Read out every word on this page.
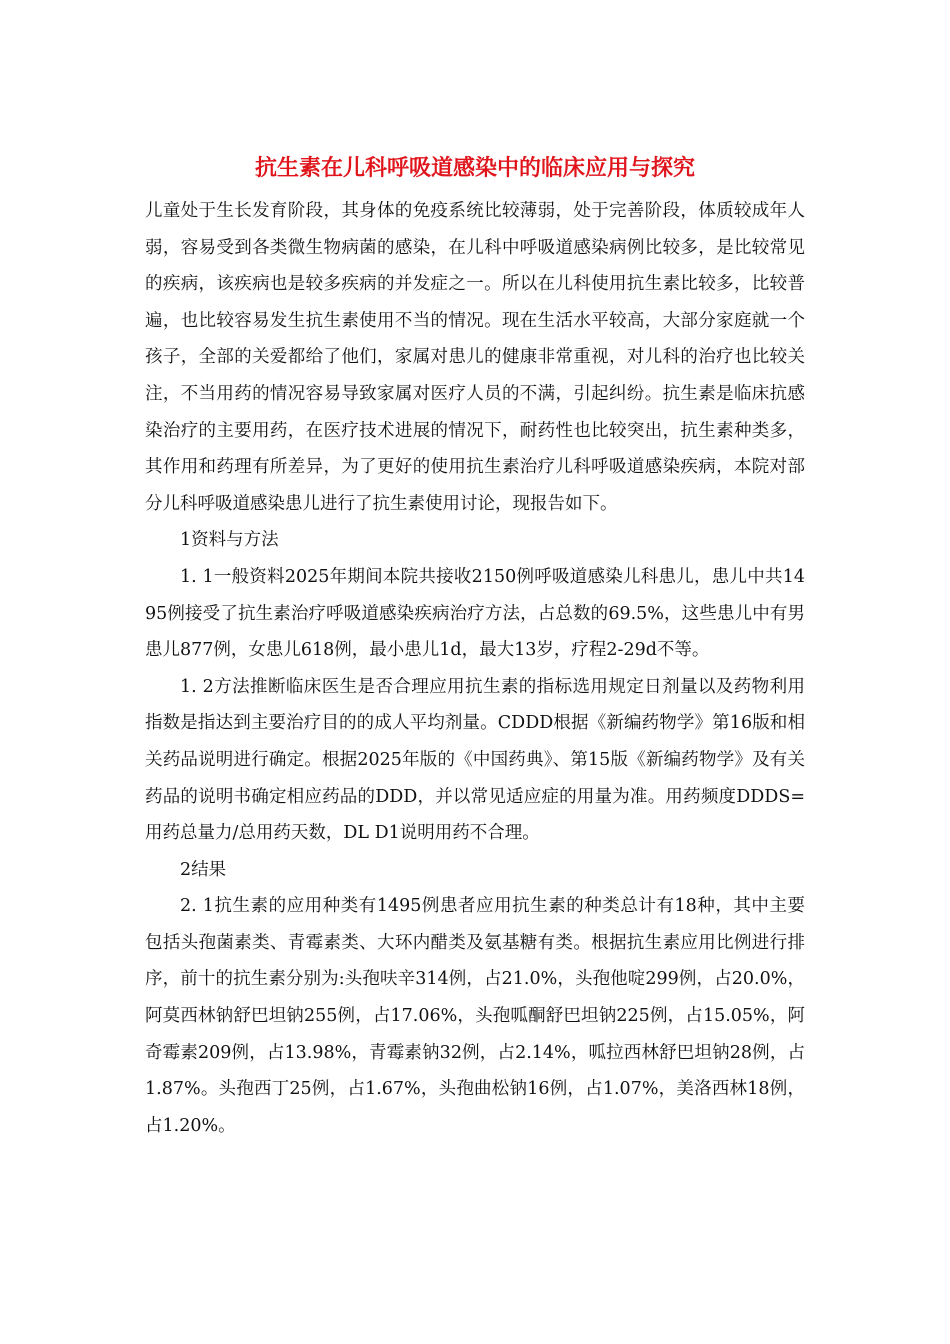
抗生素在儿科呼吸道感染中的临床应用与探究

儿童处于生长发育阶段，其身体的免疫系统比较薄弱，处于完善阶段，体质较成年人弱，容易受到各类微生物病菌的感染，在儿科中呼吸道感染病例比较多，是比较常见的疾病，该疾病也是较多疾病的并发症之一。所以在儿科使用抗生素比较多，比较普遍，也比较容易发生抗生素使用不当的情况。现在生活水平较高，大部分家庭就一个孩子，全部的关爱都给了他们，家属对患儿的健康非常重视，对儿科的治疗也比较关注，不当用药的情况容易导致家属对医疗人员的不满，引起纠纷。抗生素是临床抗感染治疗的主要用药，在医疗技术进展的情况下，耐药性也比较突出，抗生素种类多，其作用和药理有所差异，为了更好的使用抗生素治疗儿科呼吸道感染疾病，本院对部分儿科呼吸道感染患儿进行了抗生素使用讨论，现报告如下。

1资料与方法

1. 1一般资料2025年期间本院共接收2150例呼吸道感染儿科患儿，患儿中共1495例接受了抗生素治疗呼吸道感染疾病治疗方法，占总数的69.5%，这些患儿中有男患儿877例，女患儿618例，最小患儿1d，最大13岁，疗程2-29d不等。

1. 2方法推断临床医生是否合理应用抗生素的指标选用规定日剂量以及药物利用指数是指达到主要治疗目的的成人平均剂量。CDDD根据《新编药物学》第16版和相关药品说明进行确定。根据2025年版的《中国药典》、第15版《新编药物学》及有关药品的说明书确定相应药品的DDD，并以常见适应症的用量为准。用药频度DDDS=用药总量力/总用药天数，DL D1说明用药不合理。

2结果

2. 1抗生素的应用种类有1495例患者应用抗生素的种类总计有18种，其中主要包括头孢菌素类、青霉素类、大环内醋类及氨基糖有类。根据抗生素应用比例进行排序，前十的抗生素分别为:头孢呋辛314例，占21.0%，头孢他啶299例，占20.0%，阿莫西林钠舒巴坦钠255例，占17.06%，头孢呱酮舒巴坦钠225例，占15.05%，阿奇霉素209例，占13.98%，青霉素钠32例，占2.14%，呱拉西林舒巴坦钠28例，占1.87%。头孢西丁25例，占1.67%，头孢曲松钠16例，占1.07%，美洛西林18例，占1.20%。
